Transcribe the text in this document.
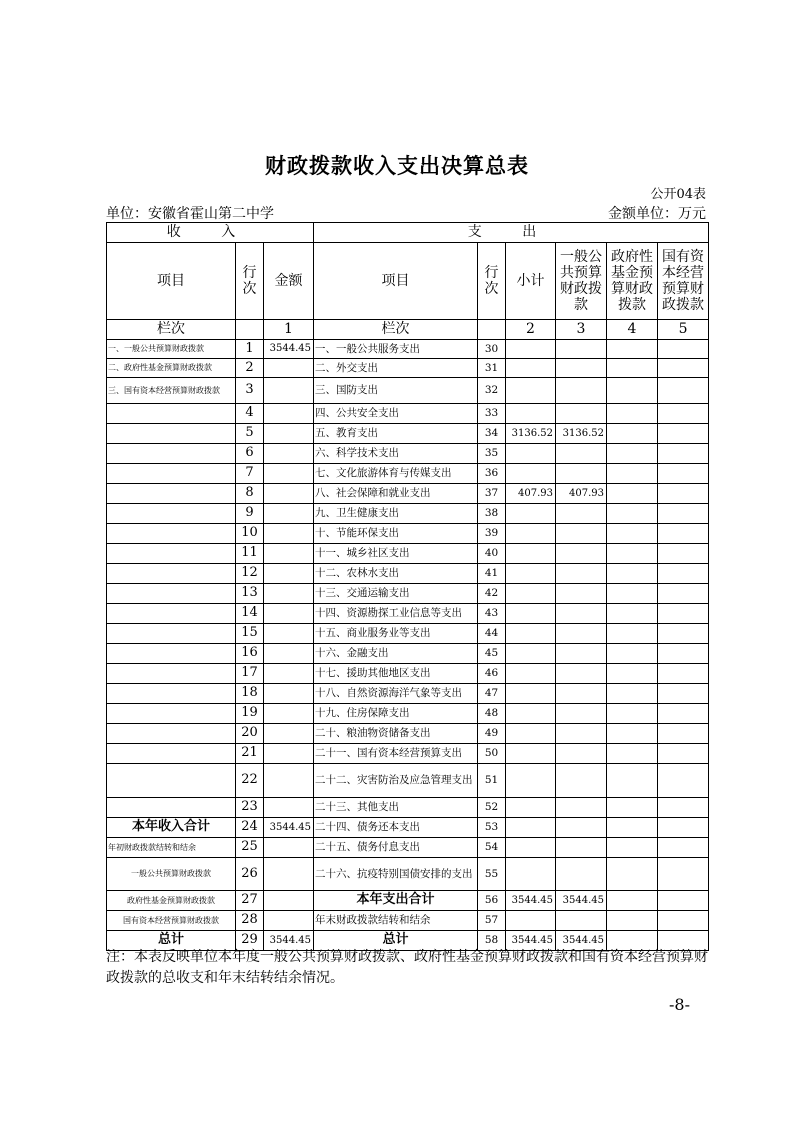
财政拨款收入支出决算总表
公开04表
单位：安徽省霍山第二中学	金额单位：万元
收 入			支 出					
项目	行次	金额	项目	行次	小计	一般公共预算财政拨款	政府性基金预算财政拨款	国有资本经营预算财政拨款
栏次		1	栏次		2	3	4	5
一、一般公共预算财政拨款	1	3544.45	一、一般公共服务支出	30				
二、政府性基金预算财政拨款	2		二、外交支出	31				
三、国有资本经营预算财政拨款	3		三、国防支出	32				
	4		四、公共安全支出	33				
	5		五、教育支出	34	3136.52	3136.52		
	6		六、科学技术支出	35				
	7		七、文化旅游体育与传媒支出	36				
	8		八、社会保障和就业支出	37	407.93	407.93		
	9		九、卫生健康支出	38				
	10		十、节能环保支出	39				
	11		十一、城乡社区支出	40				
	12		十二、农林水支出	41				
	13		十三、交通运输支出	42				
	14		十四、资源勘探工业信息等支出	43				
	15		十五、商业服务业等支出	44				
	16		十六、金融支出	45				
	17		十七、援助其他地区支出	46				
	18		十八、自然资源海洋气象等支出	47				
	19		十九、住房保障支出	48				
	20		二十、粮油物资储备支出	49				
	21		二十一、国有资本经营预算支出	50				
	22		二十二、灾害防治及应急管理支出	51				
	23		二十三、其他支出	52				
本年收入合计	24	3544.45	二十四、债务还本支出	53				
年初财政拨款结转和结余	25		二十五、债务付息支出	54				
一般公共预算财政拨款	26		二十六、抗疫特别国债安排的支出	55				
政府性基金预算财政拨款	27		本年支出合计	56	3544.45	3544.45		
国有资本经营预算财政拨款	28		年末财政拨款结转和结余	57				
总计	29	3544.45	总计	58	3544.45	3544.45		
注：本表反映单位本年度一般公共预算财政拨款、政府性基金预算财政拨款和国有资本经营预算财政拨款的总收支和年末结转结余情况。
-8-
